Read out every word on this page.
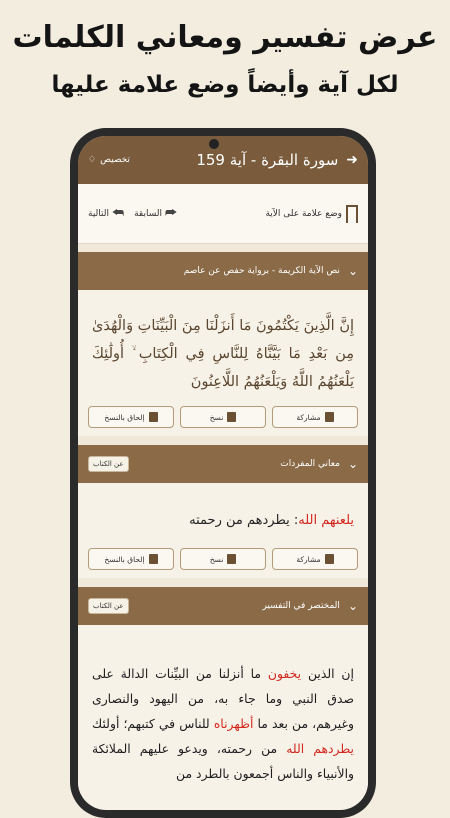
عرض تفسير ومعاني الكلمات
لكل آية وأيضاً وضع علامة عليها
➜
سورة البقرة - آية 159
تخصيص
♢
وضع علامة على الآية
⮫
السابقة
⮪
التالية
⌄
نص الآية الكريمة - برواية حفص عن عاصم
إِنَّ الَّذِينَ يَكْتُمُونَ مَا أَنزَلْنَا مِنَ الْبَيِّنَاتِ وَالْهُدَىٰ مِن بَعْدِ مَا بَيَّنَّاهُ لِلنَّاسِ فِي الْكِتَابِ ۙ أُولَٰئِكَ يَلْعَنُهُمُ اللَّهُ وَيَلْعَنُهُمُ اللَّاعِنُونَ
مشاركة
نسخ
إلحاق بالنسخ
⌄
معاني المفردات
عن الكتاب
يلعنهم الله: يطردهم من رحمته
مشاركة
نسخ
إلحاق بالنسخ
⌄
المختصر في التفسير
عن الكتاب
إن الذين يخفون ما أنزلنا من البيِّنات الدالة على صدق النبي وما جاء به، من اليهود والنصارى وغيرهم، من بعد ما أظهرناه للناس في كتبهم؛ أولئك يطردهم الله من رحمته، ويدعو عليهم الملائكة والأنبياء والناس أجمعون بالطرد من
